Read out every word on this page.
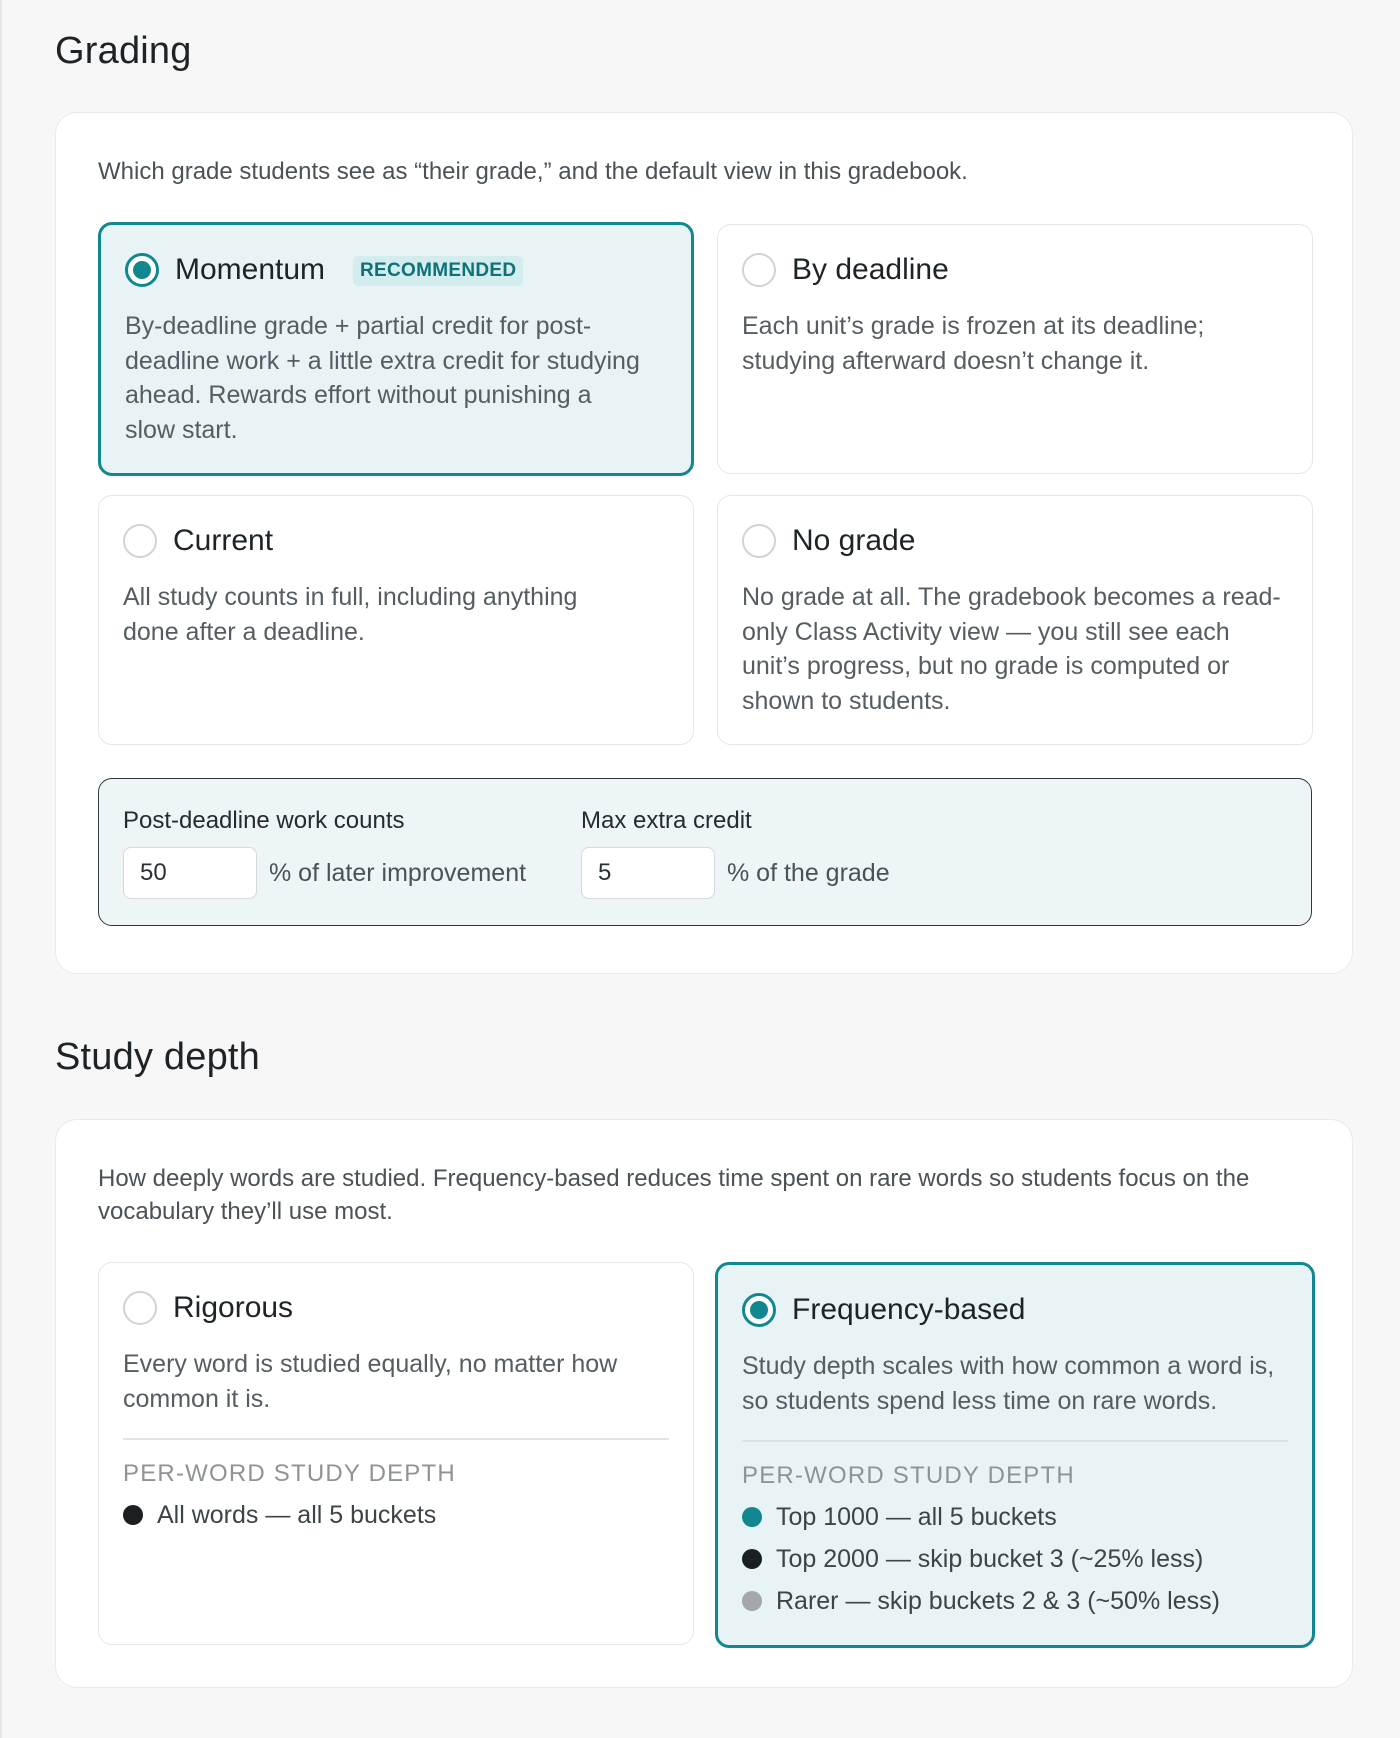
Grading
Which grade students see as “their grade,” and the default view in this gradebook.
Momentum	RECOMMENDED
By-deadline grade + partial credit for post-deadline work + a little extra credit for studying ahead. Rewards effort without punishing a slow start.
By deadline
Each unit’s grade is frozen at its deadline; studying afterward doesn’t change it.
Current
All study counts in full, including anything done after a deadline.
No grade
No grade at all. The gradebook becomes a read-only Class Activity view — you still see each unit’s progress, but no grade is computed or shown to students.
Post-deadline work counts
50
% of later improvement
Max extra credit
5
% of the grade
Study depth
How deeply words are studied. Frequency-based reduces time spent on rare words so students focus on the vocabulary they’ll use most.
Rigorous
Every word is studied equally, no matter how common it is.
PER-WORD STUDY DEPTH
All words — all 5 buckets
Frequency-based
Study depth scales with how common a word is, so students spend less time on rare words.
PER-WORD STUDY DEPTH
Top 1000 — all 5 buckets
Top 2000 — skip bucket 3 (~25% less)
Rarer — skip buckets 2 & 3 (~50% less)
